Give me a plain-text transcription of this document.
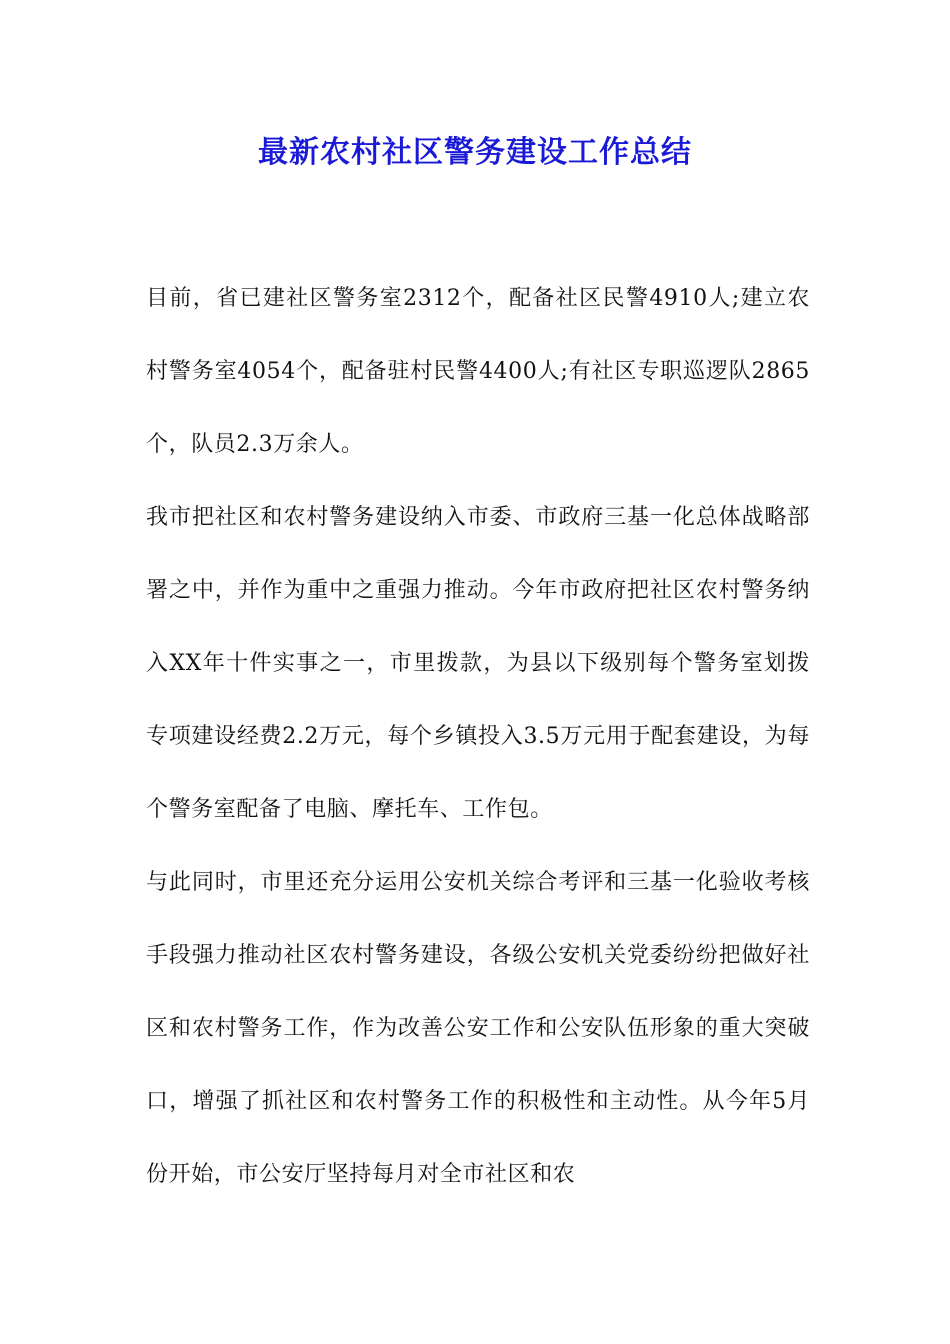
最新农村社区警务建设工作总结

目前，省已建社区警务室2312个，配备社区民警4910人;建立农村警务室4054个，配备驻村民警4400人;有社区专职巡逻队2865个，队员2.3万余人。

我市把社区和农村警务建设纳入市委、市政府三基一化总体战略部署之中，并作为重中之重强力推动。今年市政府把社区农村警务纳入XX年十件实事之一，市里拨款，为县以下级别每个警务室划拨专项建设经费2.2万元，每个乡镇投入3.5万元用于配套建设，为每个警务室配备了电脑、摩托车、工作包。

与此同时，市里还充分运用公安机关综合考评和三基一化验收考核手段强力推动社区农村警务建设，各级公安机关党委纷纷把做好社区和农村警务工作，作为改善公安工作和公安队伍形象的重大突破口，增强了抓社区和农村警务工作的积极性和主动性。从今年5月份开始，市公安厅坚持每月对全市社区和农
